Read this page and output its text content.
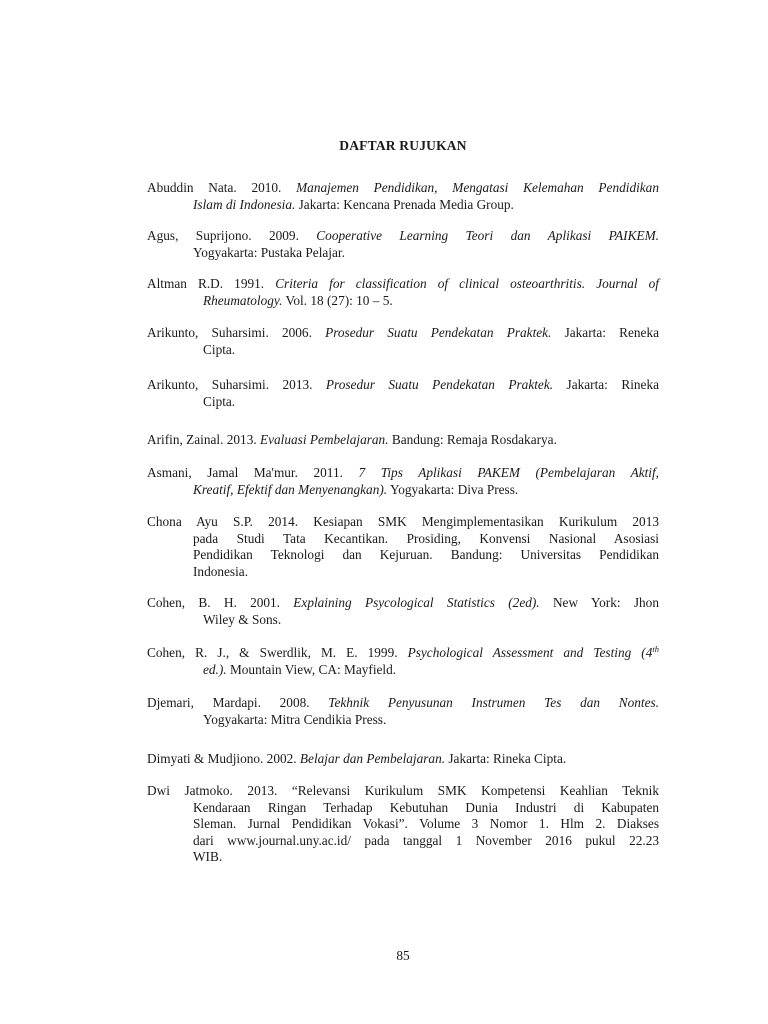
DAFTAR RUJUKAN
Abuddin Nata. 2010. Manajemen Pendidikan, Mengatasi Kelemahan Pendidikan
Islam di Indonesia. Jakarta: Kencana Prenada Media Group.
Agus, Suprijono. 2009. Cooperative Learning Teori dan Aplikasi PAIKEM.
Yogyakarta: Pustaka Pelajar.
Altman R.D. 1991. Criteria for classification of clinical osteoarthritis. Journal of
Rheumatology. Vol. 18 (27): 10 – 5.
Arikunto, Suharsimi. 2006. Prosedur Suatu Pendekatan Praktek. Jakarta: Reneka
Cipta.
Arikunto, Suharsimi. 2013. Prosedur Suatu Pendekatan Praktek. Jakarta: Rineka
Cipta.
Arifin, Zainal. 2013. Evaluasi Pembelajaran. Bandung: Remaja Rosdakarya.
Asmani, Jamal Ma'mur. 2011. 7 Tips Aplikasi PAKEM (Pembelajaran Aktif,
Kreatif, Efektif dan Menyenangkan). Yogyakarta: Diva Press.
Chona Ayu S.P. 2014. Kesiapan SMK Mengimplementasikan Kurikulum 2013
pada Studi Tata Kecantikan. Prosiding, Konvensi Nasional Asosiasi
Pendidikan Teknologi dan Kejuruan. Bandung: Universitas Pendidikan
Indonesia.
Cohen, B. H. 2001. Explaining Psycological Statistics (2ed). New York: Jhon
Wiley & Sons.
Cohen, R. J., & Swerdlik, M. E. 1999. Psychological Assessment and Testing (4th
ed.). Mountain View, CA: Mayfield.
Djemari, Mardapi. 2008. Tekhnik Penyusunan Instrumen Tes dan Nontes.
Yogyakarta: Mitra Cendikia Press.
Dimyati & Mudjiono. 2002. Belajar dan Pembelajaran. Jakarta: Rineka Cipta.
Dwi Jatmoko. 2013. “Relevansi Kurikulum SMK Kompetensi Keahlian Teknik
Kendaraan Ringan Terhadap Kebutuhan Dunia Industri di Kabupaten
Sleman. Jurnal Pendidikan Vokasi”. Volume 3 Nomor 1. Hlm 2. Diakses
dari www.journal.uny.ac.id/ pada tanggal 1 November 2016 pukul 22.23
WIB.
85
